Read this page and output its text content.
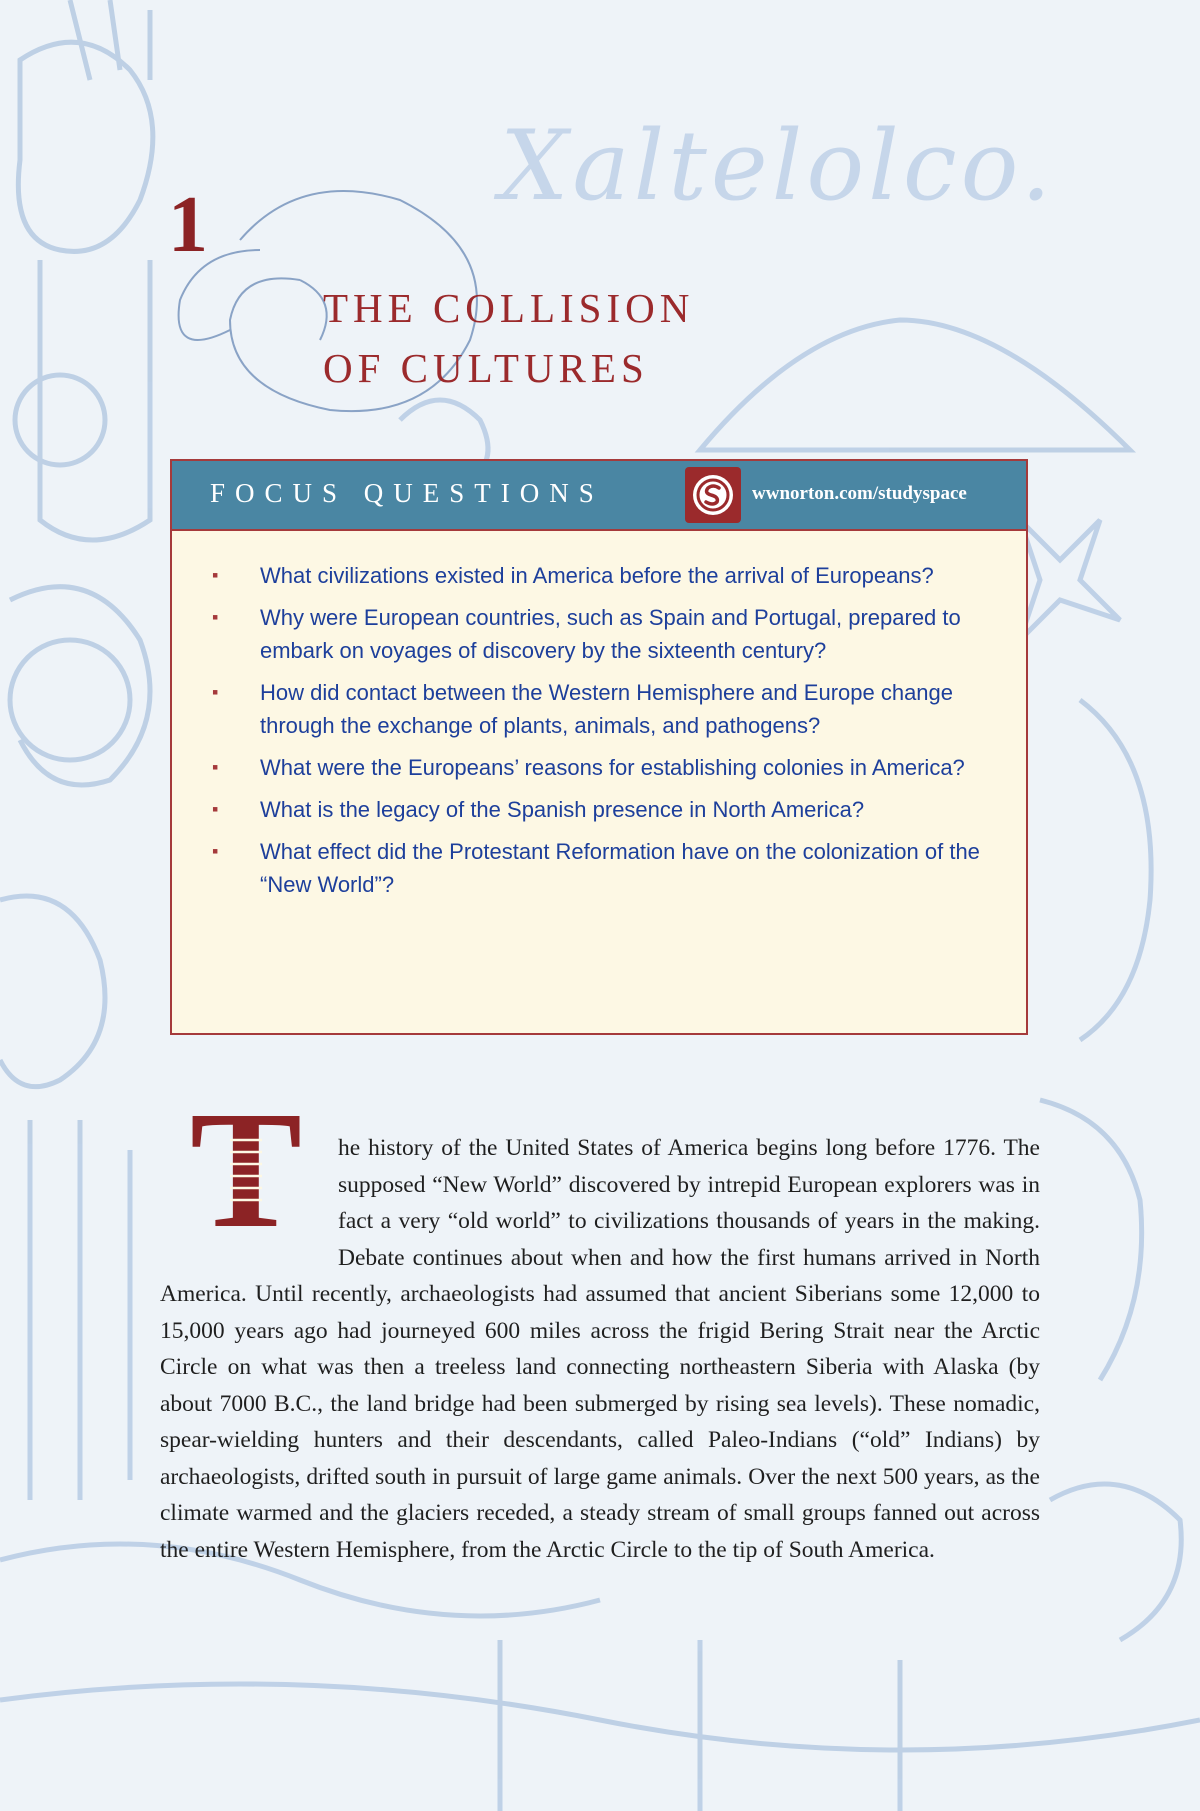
Xaltelolco.
1
THE COLLISION
OF CULTURES
FOCUS QUESTIONS	wwnorton.com/studyspace
▪ What civilizations existed in America before the arrival of Europeans?
▪ Why were European countries, such as Spain and Portugal, prepared to embark on voyages of discovery by the sixteenth century?
▪ How did contact between the Western Hemisphere and Europe change through the exchange of plants, animals, and pathogens?
▪ What were the Europeans’ reasons for establishing colonies in America?
▪ What is the legacy of the Spanish presence in North America?
▪ What effect did the Protestant Reformation have on the colonization of the “New World”?
T	he history of the United States of America begins long before 1776. The supposed “New World” discovered by intrepid European explorers was in fact a very “old world” to civilizations thousands of years in the making. Debate continues about when and how the first humans arrived in North America. Until recently, archaeologists had assumed that ancient Siberians some 12,000 to 15,000 years ago had journeyed 600 miles across the frigid Bering Strait near the Arctic Circle on what was then a treeless land connecting northeastern Siberia with Alaska (by about 7000 B.C., the land bridge had been submerged by rising sea levels). These nomadic, spear-wielding hunters and their descendants, called Paleo-Indians (“old” Indians) by archaeologists, drifted south in pursuit of large game animals. Over the next 500 years, as the climate warmed and the glaciers receded, a steady stream of small groups fanned out across the entire Western Hemisphere, from the Arctic Circle to the tip of South America.
